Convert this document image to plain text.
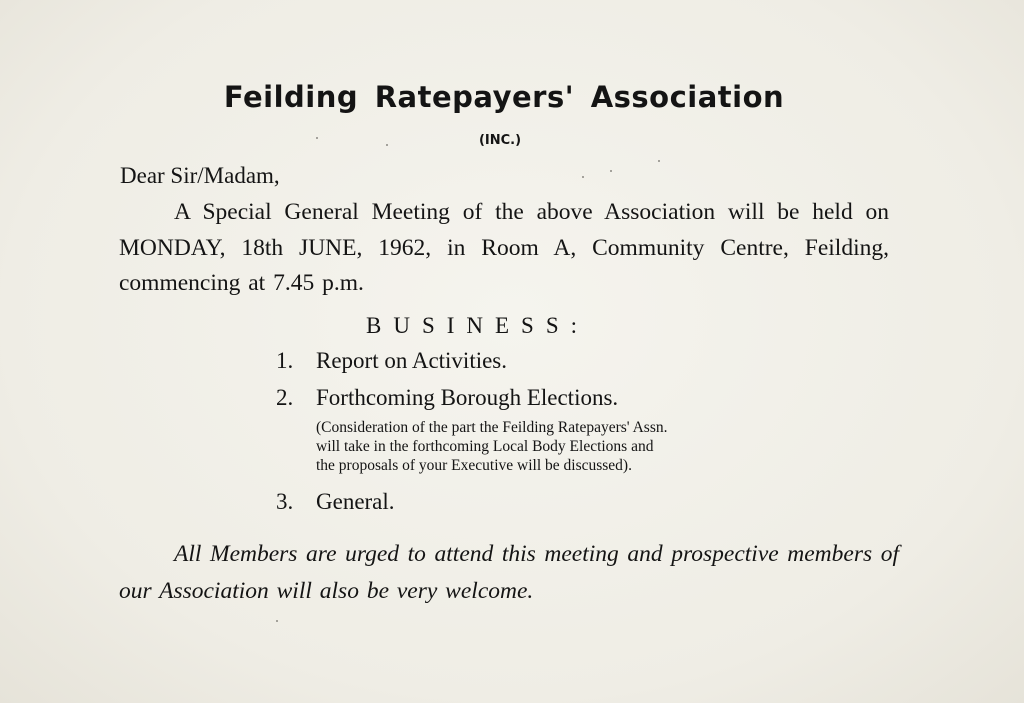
Feilding Ratepayers' Association
(INC.)
Dear Sir/Madam,
A Special General Meeting of the above Association will be held on MONDAY, 18th JUNE, 1962, in Room A, Community Centre, Feilding, commencing at 7.45 p.m.
BUSINESS:
1. Report on Activities.
2. Forthcoming Borough Elections.
(Consideration of the part the Feilding Ratepayers' Assn.
will take in the forthcoming Local Body Elections and
the proposals of your Executive will be discussed).
3. General.
All Members are urged to attend this meeting and prospective members of our Association will also be very welcome.
